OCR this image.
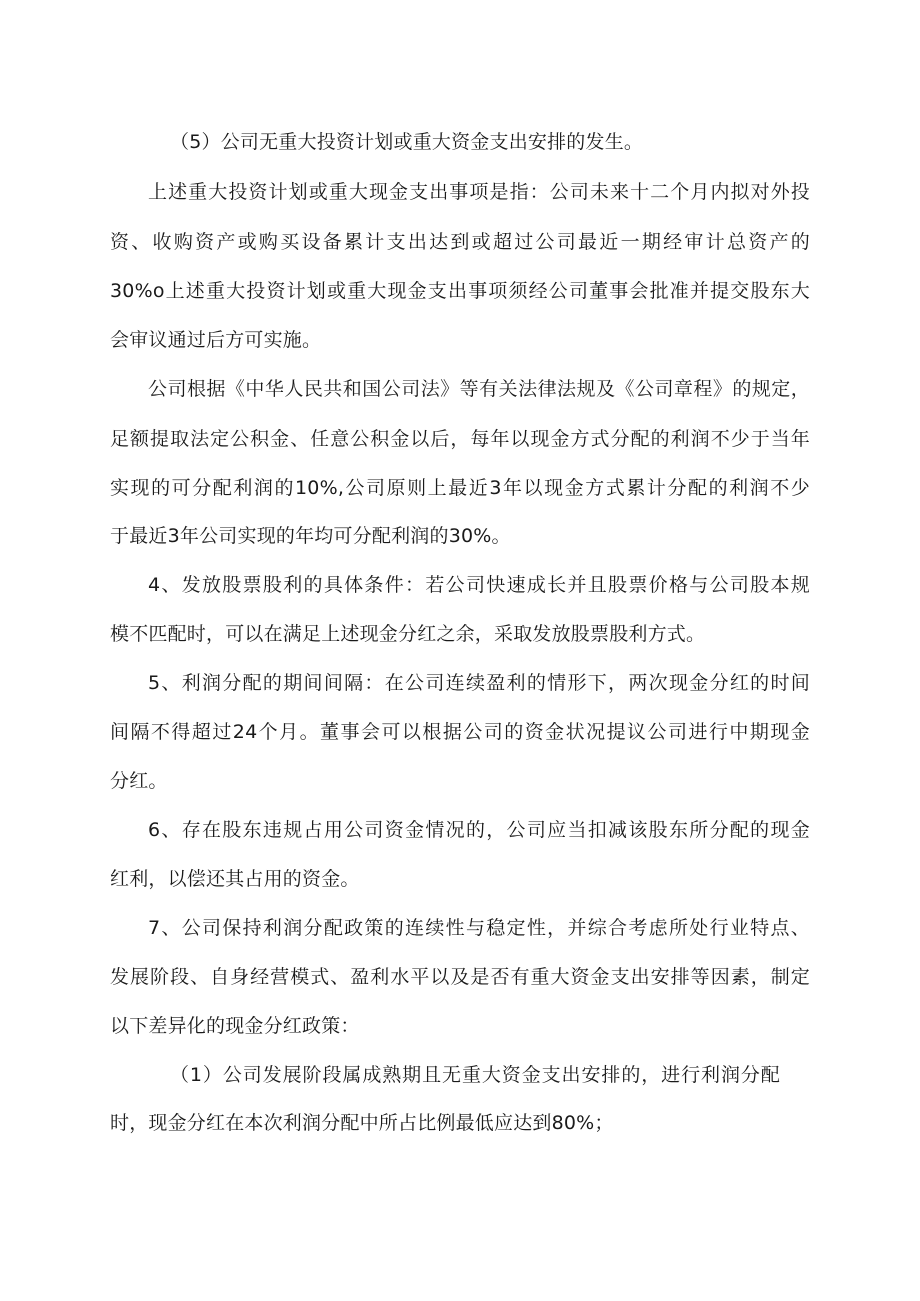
（5）公司无重大投资计划或重大资金支出安排的发生。
上述重大投资计划或重大现金支出事项是指：公司未来十二个月内拟对外投
资、收购资产或购买设备累计支出达到或超过公司最近一期经审计总资产的
30%o上述重大投资计划或重大现金支出事项须经公司董事会批准并提交股东大
会审议通过后方可实施。
公司根据《中华人民共和国公司法》等有关法律法规及《公司章程》的规定，
足额提取法定公积金、任意公积金以后，每年以现金方式分配的利润不少于当年
实现的可分配利润的10%,公司原则上最近3年以现金方式累计分配的利润不少
于最近3年公司实现的年均可分配利润的30%。
4、发放股票股利的具体条件：若公司快速成长并且股票价格与公司股本规
模不匹配时，可以在满足上述现金分红之余，采取发放股票股利方式。
5、利润分配的期间间隔：在公司连续盈利的情形下，两次现金分红的时间
间隔不得超过24个月。董事会可以根据公司的资金状况提议公司进行中期现金
分红。
6、存在股东违规占用公司资金情况的，公司应当扣减该股东所分配的现金
红利，以偿还其占用的资金。
7、公司保持利润分配政策的连续性与稳定性，并综合考虑所处行业特点、
发展阶段、自身经营模式、盈利水平以及是否有重大资金支出安排等因素，制定
以下差异化的现金分红政策：
（1）公司发展阶段属成熟期且无重大资金支出安排的，进行利润分配
时，现金分红在本次利润分配中所占比例最低应达到80%；
